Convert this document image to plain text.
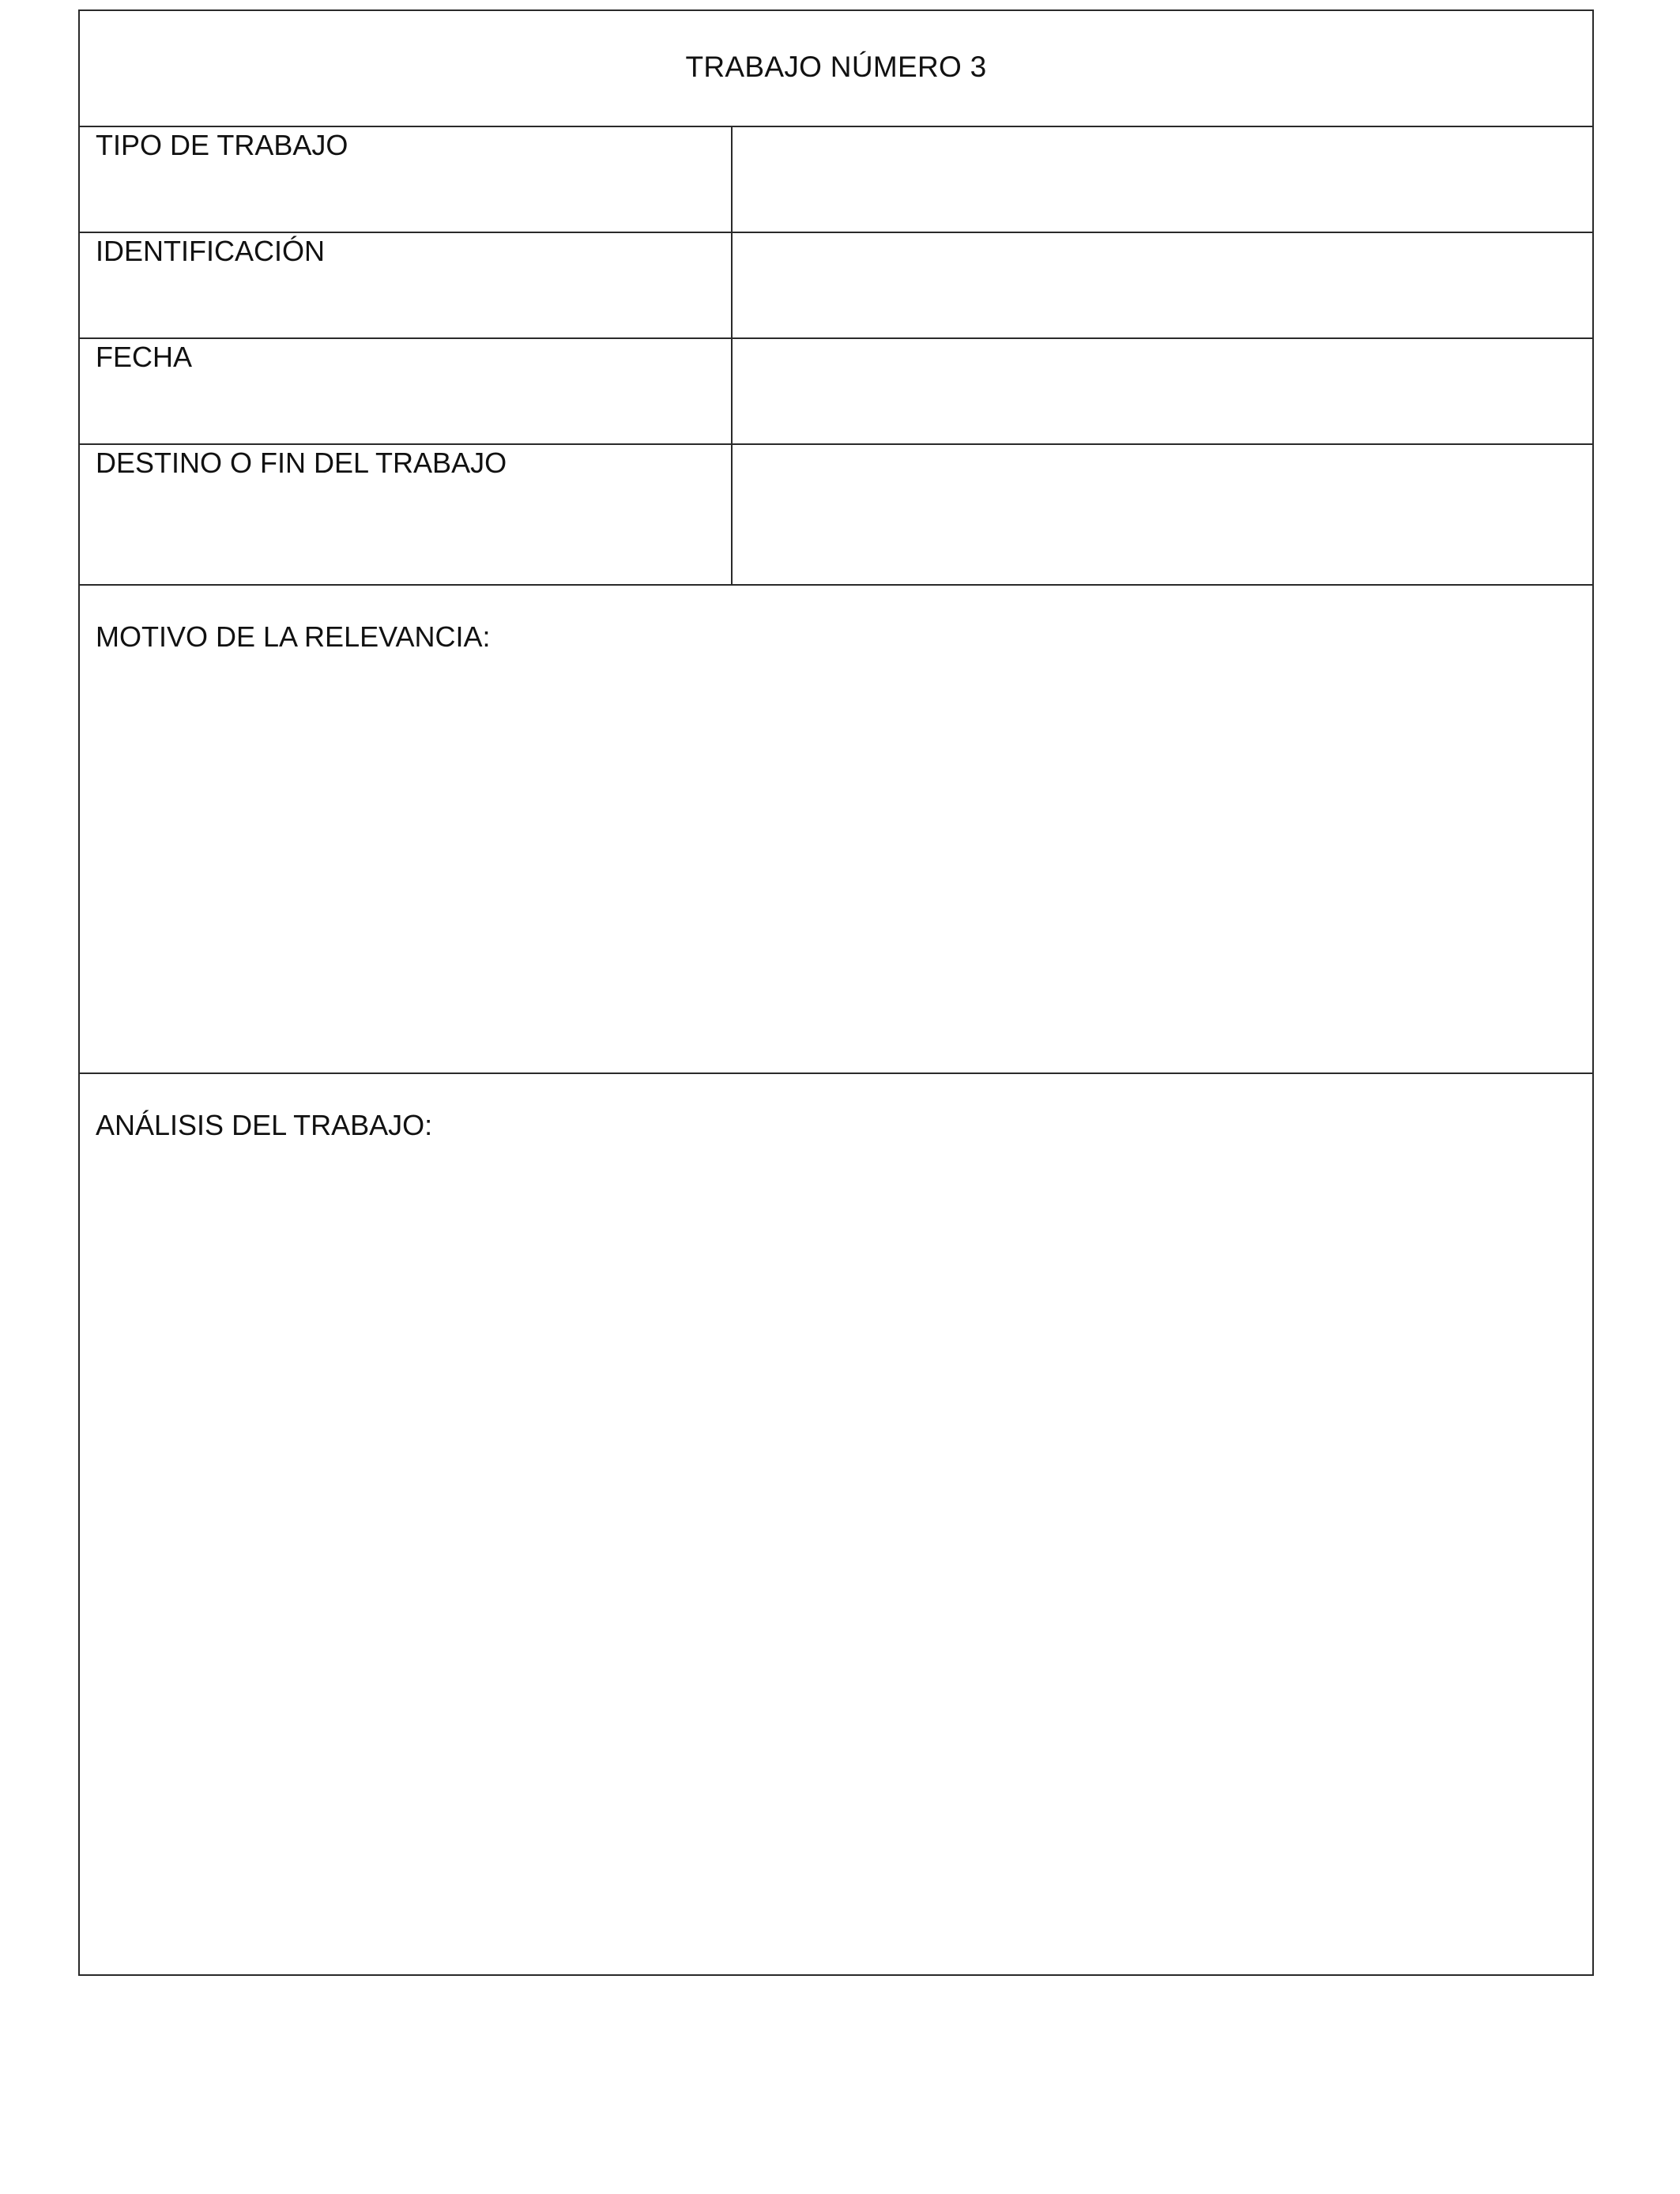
TRABAJO NÚMERO 3
TIPO DE TRABAJO
IDENTIFICACIÓN
FECHA
DESTINO O FIN DEL TRABAJO
MOTIVO DE LA RELEVANCIA:
ANÁLISIS DEL TRABAJO:
